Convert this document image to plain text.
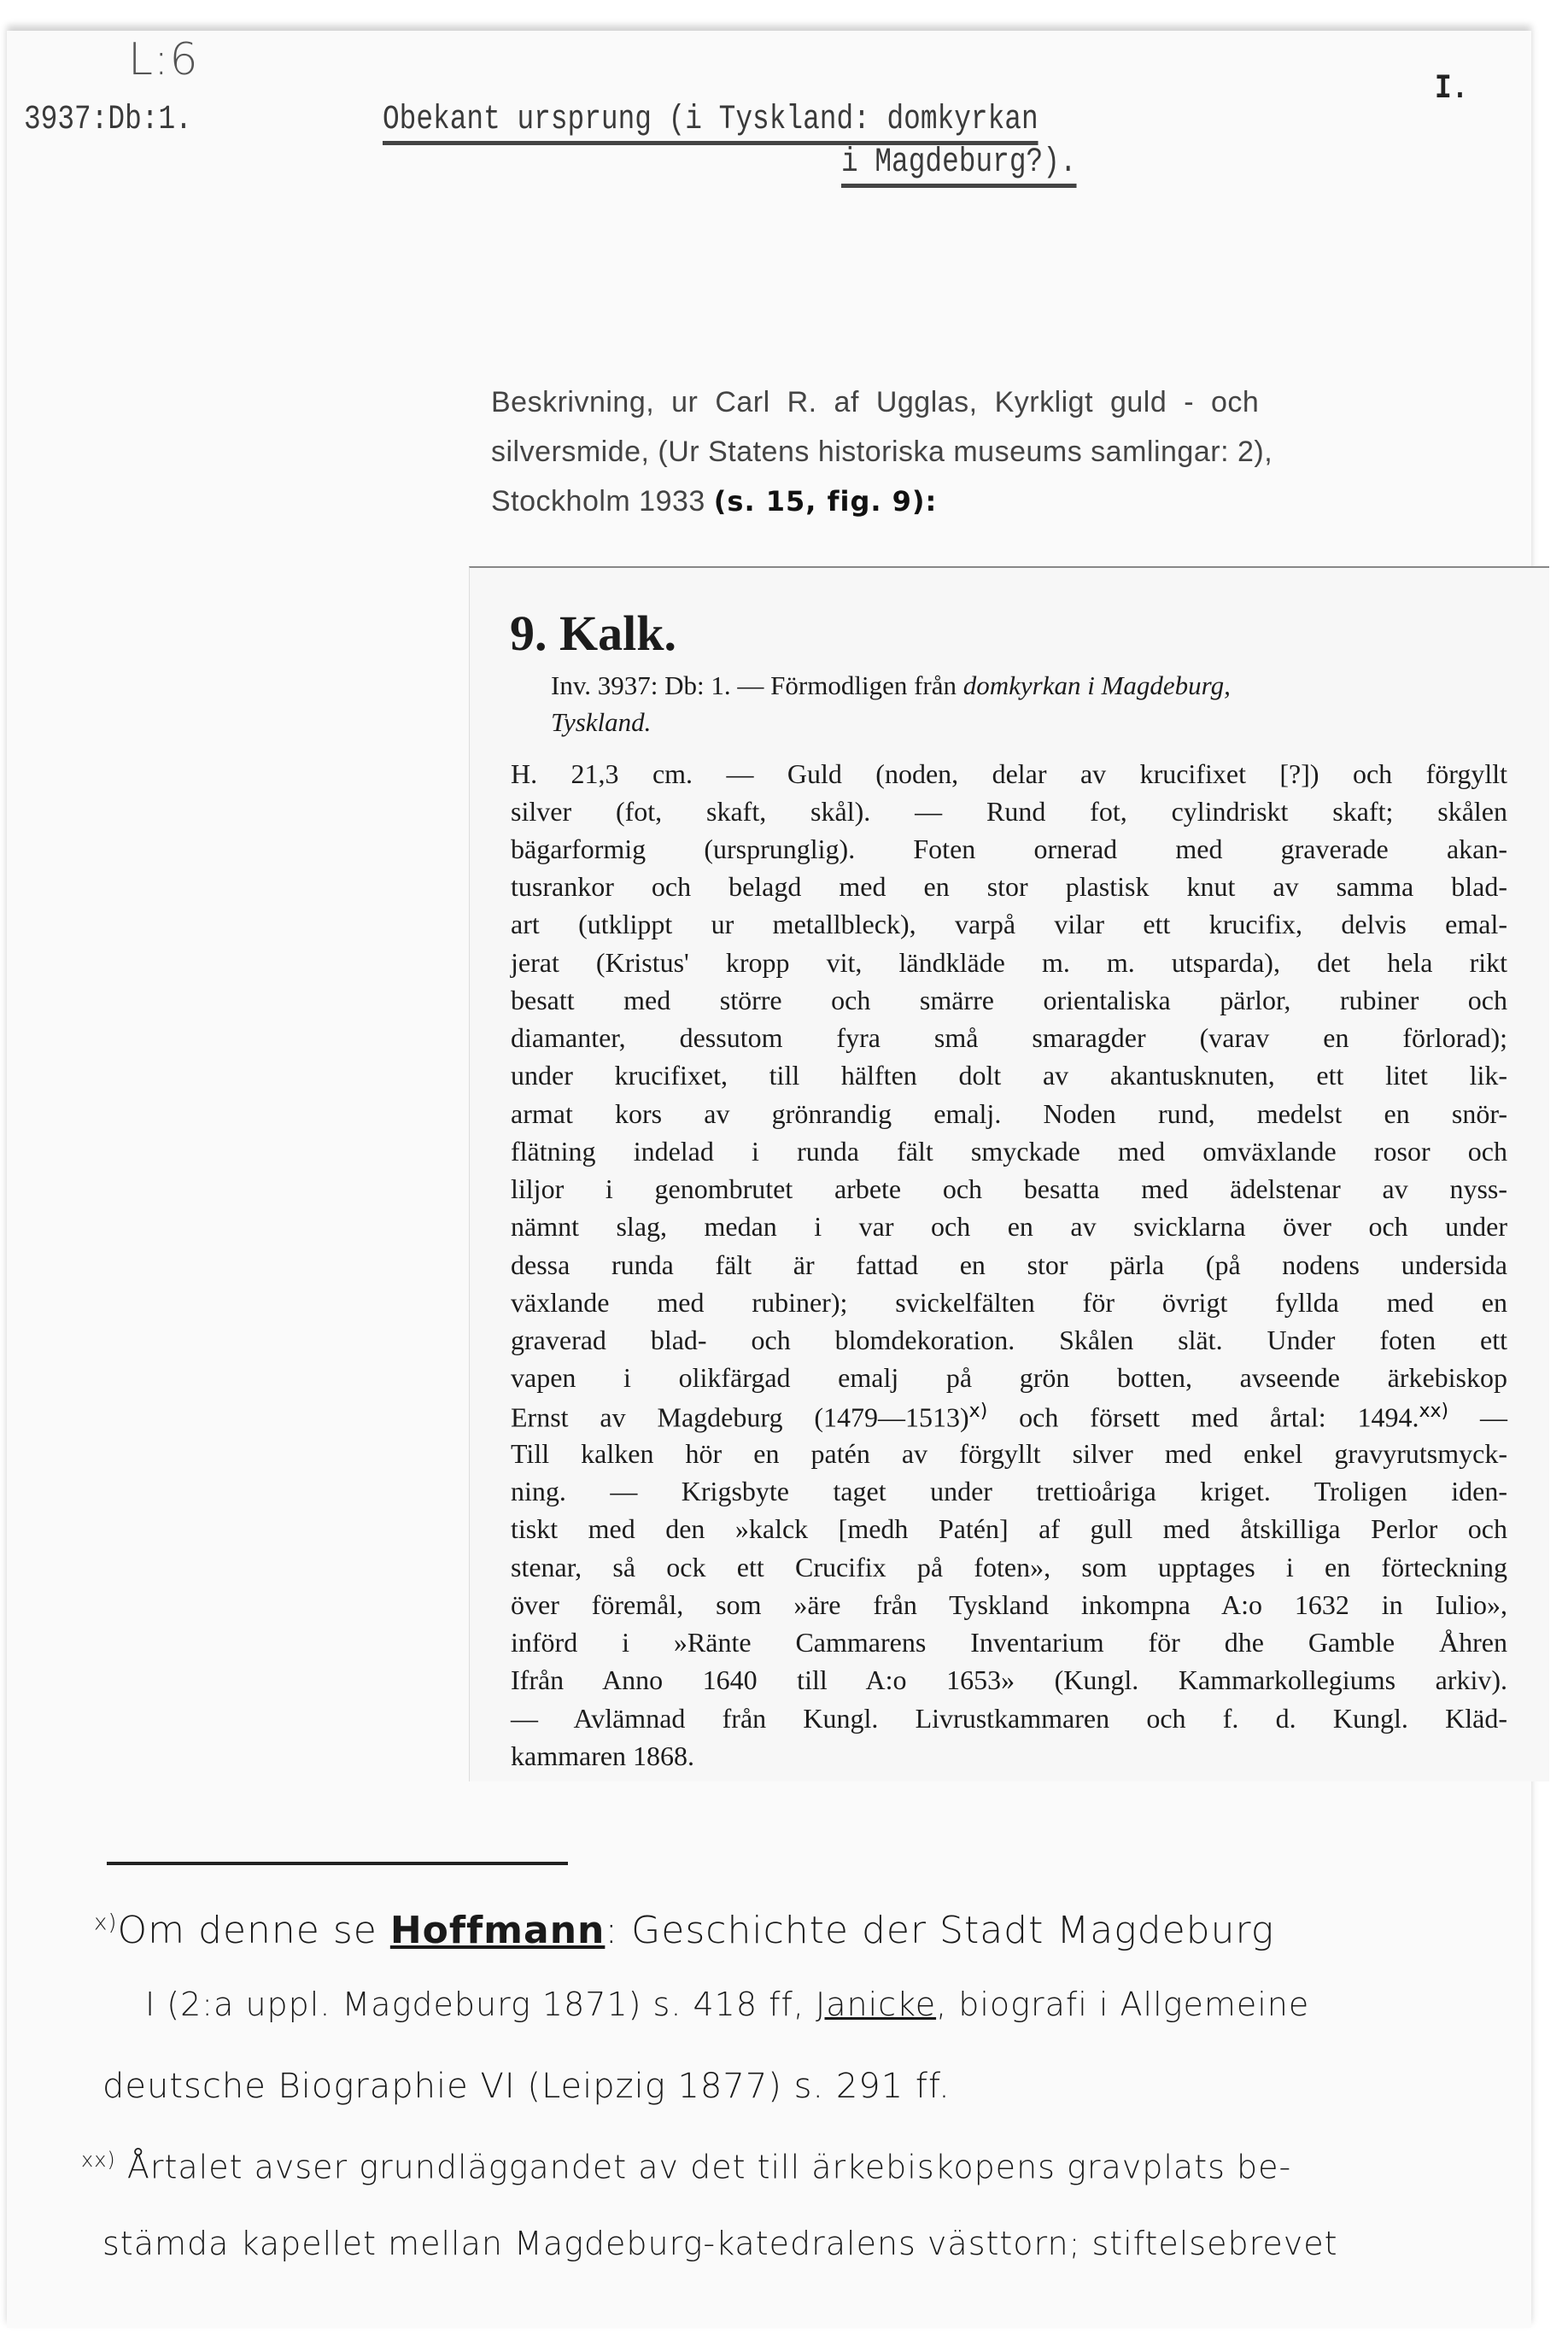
L:6
3937:Db:1.	Obekant ursprung (i Tyskland: domkyrkan
i Magdeburg?).
I.
Beskrivning, ur Carl R. af Ugglas, Kyrkligt guld - och
silversmide, (Ur Statens historiska museums samlingar: 2),
Stockholm 1933 (s. 15, fig. 9):
9. Kalk.
Inv. 3937: Db: 1. — Förmodligen från domkyrkan i Magdeburg,
Tyskland.
H. 21,3 cm. — Guld (noden, delar av krucifixet [?]) och förgyllt
silver (fot, skaft, skål). — Rund fot, cylindriskt skaft; skålen
bägarformig (ursprunglig). Foten ornerad med graverade akan-
tusrankor och belagd med en stor plastisk knut av samma blad-
art (utklippt ur metallbleck), varpå vilar ett krucifix, delvis emal-
jerat (Kristus' kropp vit, ländkläde m. m. utsparda), det hela rikt
besatt med större och smärre orientaliska pärlor, rubiner och
diamanter, dessutom fyra små smaragder (varav en förlorad);
under krucifixet, till hälften dolt av akantusknuten, ett litet lik-
armat kors av grönrandig emalj. Noden rund, medelst en snör-
flätning indelad i runda fält smyckade med omväxlande rosor och
liljor i genombrutet arbete och besatta med ädelstenar av nyss-
nämnt slag, medan i var och en av svicklarna över och under
dessa runda fält är fattad en stor pärla (på nodens undersida
växlande med rubiner); svickelfälten för övrigt fyllda med en
graverad blad- och blomdekoration. Skålen slät. Under foten ett
vapen i olikfärgad emalj på grön botten, avseende ärkebiskop
Ernst av Magdeburg (1479—1513)$^{x)}$ och försett med årtal: 1494.$^{xx)}$ —
Till kalken hör en patén av förgyllt silver med enkel gravyrutsmyck-
ning. — Krigsbyte taget under trettioåriga kriget. Troligen iden-
tiskt med den »kalck [medh Patén] af gull med åtskilliga Perlor och
stenar, så ock ett Crucifix på foten», som upptages i en förteckning
över föremål, som »äre från Tyskland inkompna A:o 1632 in Iulio»,
införd i »Ränte Cammarens Inventarium för dhe Gamble Åhren
Ifrån Anno 1640 till A:o 1653» (Kungl. Kammarkollegiums arkiv).
— Avlämnad från Kungl. Livrustkammaren och f. d. Kungl. Kläd-
kammaren 1868.
$^{x)}$Om denne se Hoffmann: Geschichte der Stadt Magdeburg
I (2:a uppl. Magdeburg 1871) s. 418 ff, Janicke, biografi i Allgemeine
deutsche Biographie VI (Leipzig 1877) s. 291 ff.
$^{xx)}$ Årtalet avser grundläggandet av det till ärkebiskopens gravplats be-
stämda kapellet mellan Magdeburg-katedralens västtorn; stiftelsebrevet
